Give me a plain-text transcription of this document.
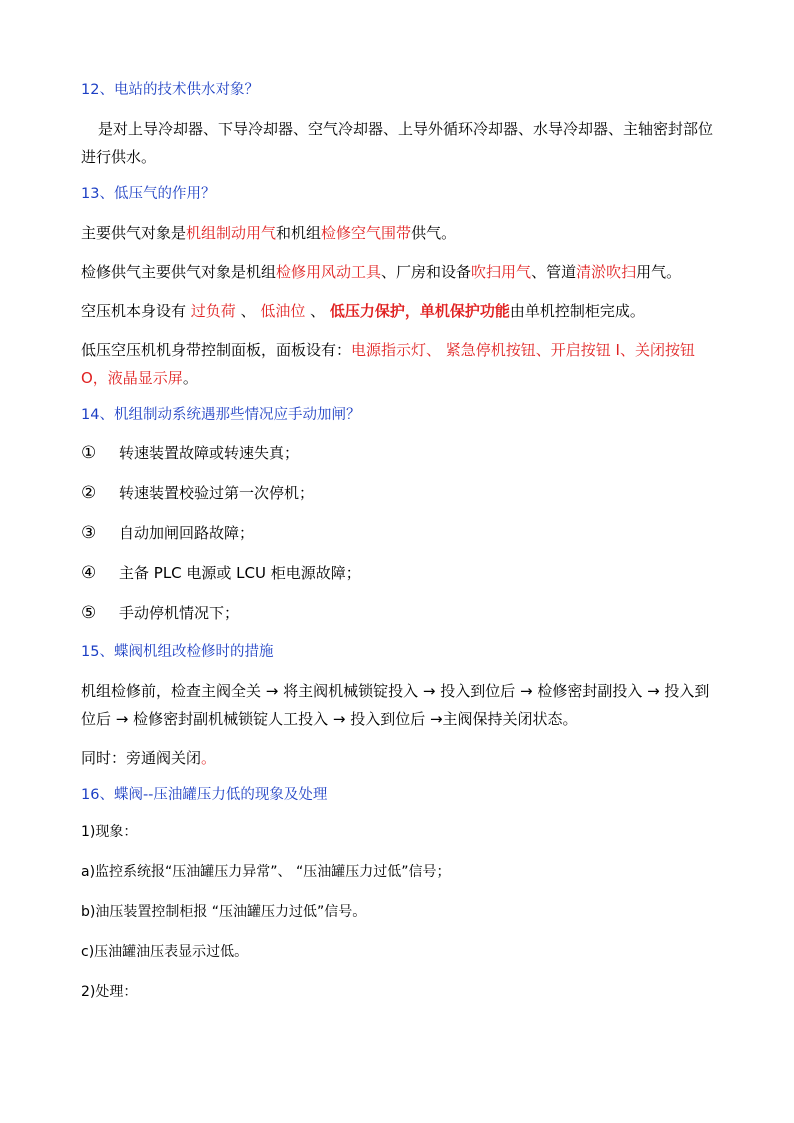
12、电站的技术供水对象？
是对上导冷却器、下导冷却器、空气冷却器、上导外循环冷却器、水导冷却器、主轴密封部位进行供水。
13、低压气的作用？
主要供气对象是机组制动用气和机组检修空气围带供气。
检修供气主要供气对象是机组检修用风动工具、厂房和设备吹扫用气、管道清淤吹扫用气。
空压机本身设有 过负荷 、 低油位 、 低压力保护，单机保护功能由单机控制柜完成。
低压空压机机身带控制面板，面板设有：电源指示灯、 紧急停机按钮、开启按钮 I、关闭按钮 O，液晶显示屏。
14、机组制动系统遇那些情况应手动加闸？
① 转速装置故障或转速失真；
② 转速装置校验过第一次停机；
③ 自动加闸回路故障；
④ 主备 PLC 电源或 LCU 柜电源故障；
⑤ 手动停机情况下；
15、蝶阀机组改检修时的措施
机组检修前，检查主阀全关 → 将主阀机械锁锭投入 → 投入到位后 → 检修密封副投入 → 投入到位后 → 检修密封副机械锁锭人工投入 → 投入到位后 →主阀保持关闭状态。
同时：旁通阀关闭。
16、蝶阀--压油罐压力低的现象及处理
1)现象：
a)监控系统报“压油罐压力异常”、 “压油罐压力过低”信号；
b)油压装置控制柜报 “压油罐压力过低”信号。
c)压油罐油压表显示过低。
2)处理：
